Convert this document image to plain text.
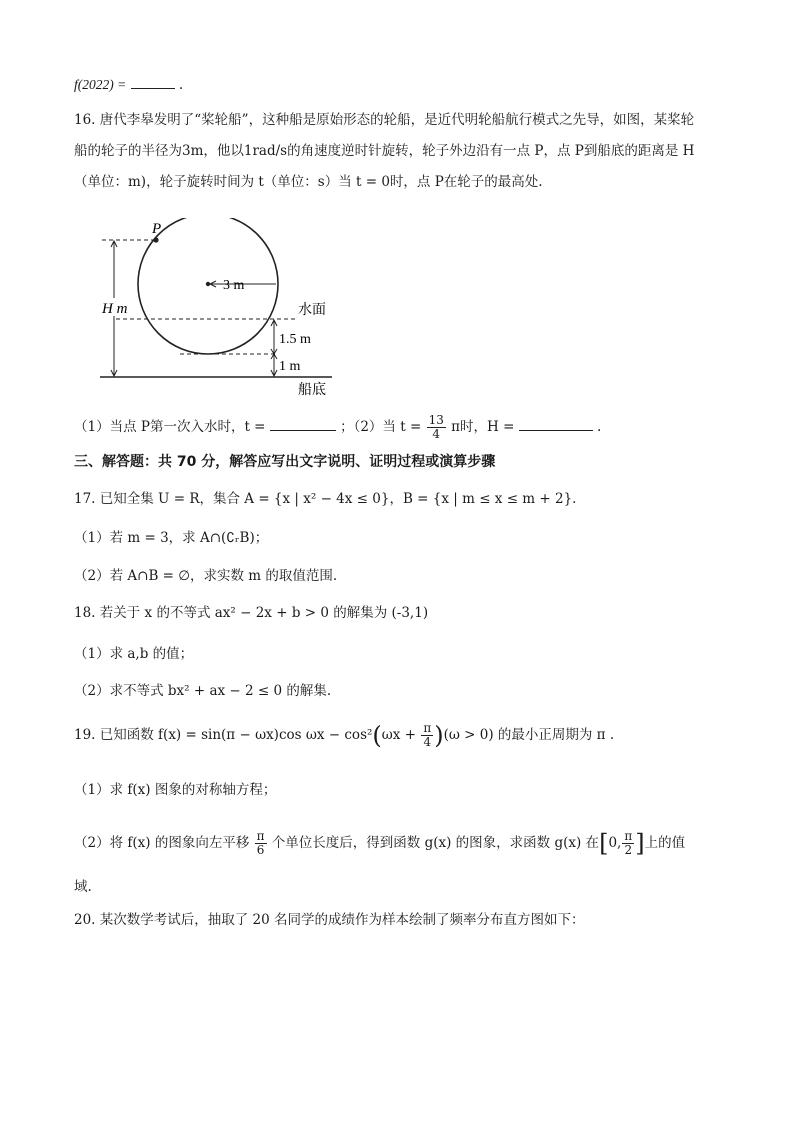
f(2022) =	.
16. 唐代李皋发明了“桨轮船”，这种船是原始形态的轮船，是近代明轮船航行模式之先导，如图，某桨轮
船的轮子的半径为3m，他以1rad/s的角速度逆时针旋转，轮子外边沿有一点 P，点 P到船底的距离是 H
（单位：m)，轮子旋转时间为 t（单位：s）当 t = 0时，点 P在轮子的最高处.
P
3 m
水面
船底
H m
1.5 m
1 m
（1）当点 P第一次入水时，t =	；（2）当 $t = \frac{13}{4}$ π时，H =	.
三、解答题：共 70 分，解答应写出文字说明、证明过程或演算步骤
17. 已知全集 U = R，集合 A = {x | x² − 4x ≤ 0}，B = {x | m ≤ x ≤ m + 2}.
（1）若 m = 3，求 A∩(∁ᵣB)；
（2）若 A∩B = ∅，求实数 m 的取值范围.
18. 若关于 x 的不等式 ax² − 2x + b > 0 的解集为 (-3,1)
（1）求 a,b 的值；
（2）求不等式 bx² + ax − 2 ≤ 0 的解集.
19. 已知函数 f(x) = sin(π − ωx)cos $\omega x - \cos^2(\omega x + \frac{\pi}{4} )(\omega > 0)$ 的最小正周期为 π .
（1）求 f(x) 图象的对称轴方程；
（2）将 f(x) 的图象向左平移 $\frac{\pi}{6}$ 个单位长度后，得到函数 g(x) 的图象，求函数 g(x) 在[0, $\frac{\pi}{2}$ ]上的值
域.
20. 某次数学考试后，抽取了 20 名同学的成绩作为样本绘制了频率分布直方图如下：
